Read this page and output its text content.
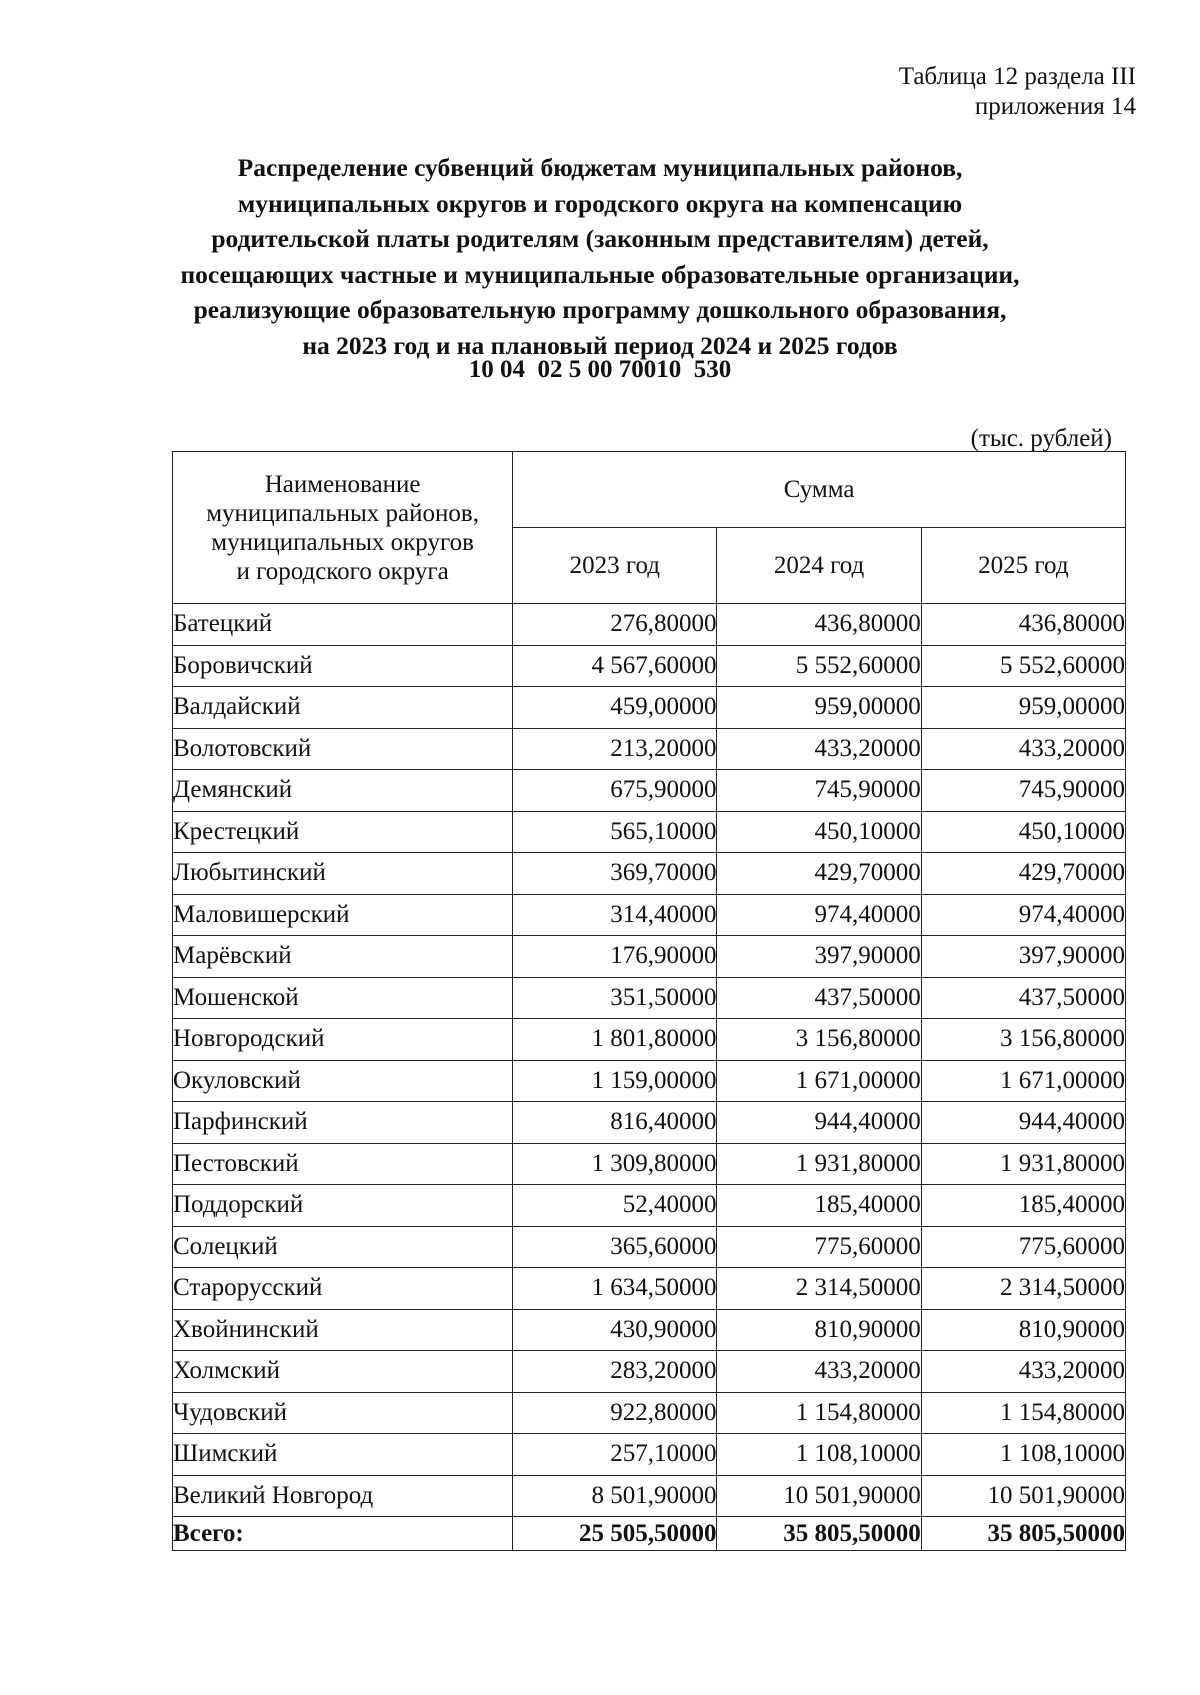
Таблица 12 раздела III
приложения 14
Распределение субвенций бюджетам муниципальных районов,
муниципальных округов и городского округа на компенсацию
родительской платы родителям (законным представителям) детей,
посещающих частные и муниципальные образовательные организации,
реализующие образовательную программу дошкольного образования,
на 2023 год и на плановый период 2024 и 2025 годов
10 04  02 5 00 70010  530
(тыс. рублей)
Наименование
муниципальных районов,
муниципальных округов
и городского округа	Сумма		
	2023 год	2024 год	2025 год
Батецкий	276,80000	436,80000	436,80000
Боровичский	4 567,60000	5 552,60000	5 552,60000
Валдайский	459,00000	959,00000	959,00000
Волотовский	213,20000	433,20000	433,20000
Демянский	675,90000	745,90000	745,90000
Крестецкий	565,10000	450,10000	450,10000
Любытинский	369,70000	429,70000	429,70000
Маловишерский	314,40000	974,40000	974,40000
Марёвский	176,90000	397,90000	397,90000
Мошенской	351,50000	437,50000	437,50000
Новгородский	1 801,80000	3 156,80000	3 156,80000
Окуловский	1 159,00000	1 671,00000	1 671,00000
Парфинский	816,40000	944,40000	944,40000
Пестовский	1 309,80000	1 931,80000	1 931,80000
Поддорский	52,40000	185,40000	185,40000
Солецкий	365,60000	775,60000	775,60000
Старорусский	1 634,50000	2 314,50000	2 314,50000
Хвойнинский	430,90000	810,90000	810,90000
Холмский	283,20000	433,20000	433,20000
Чудовский	922,80000	1 154,80000	1 154,80000
Шимский	257,10000	1 108,10000	1 108,10000
Великий Новгород	8 501,90000	10 501,90000	10 501,90000
Всего:	25 505,50000	35 805,50000	35 805,50000
